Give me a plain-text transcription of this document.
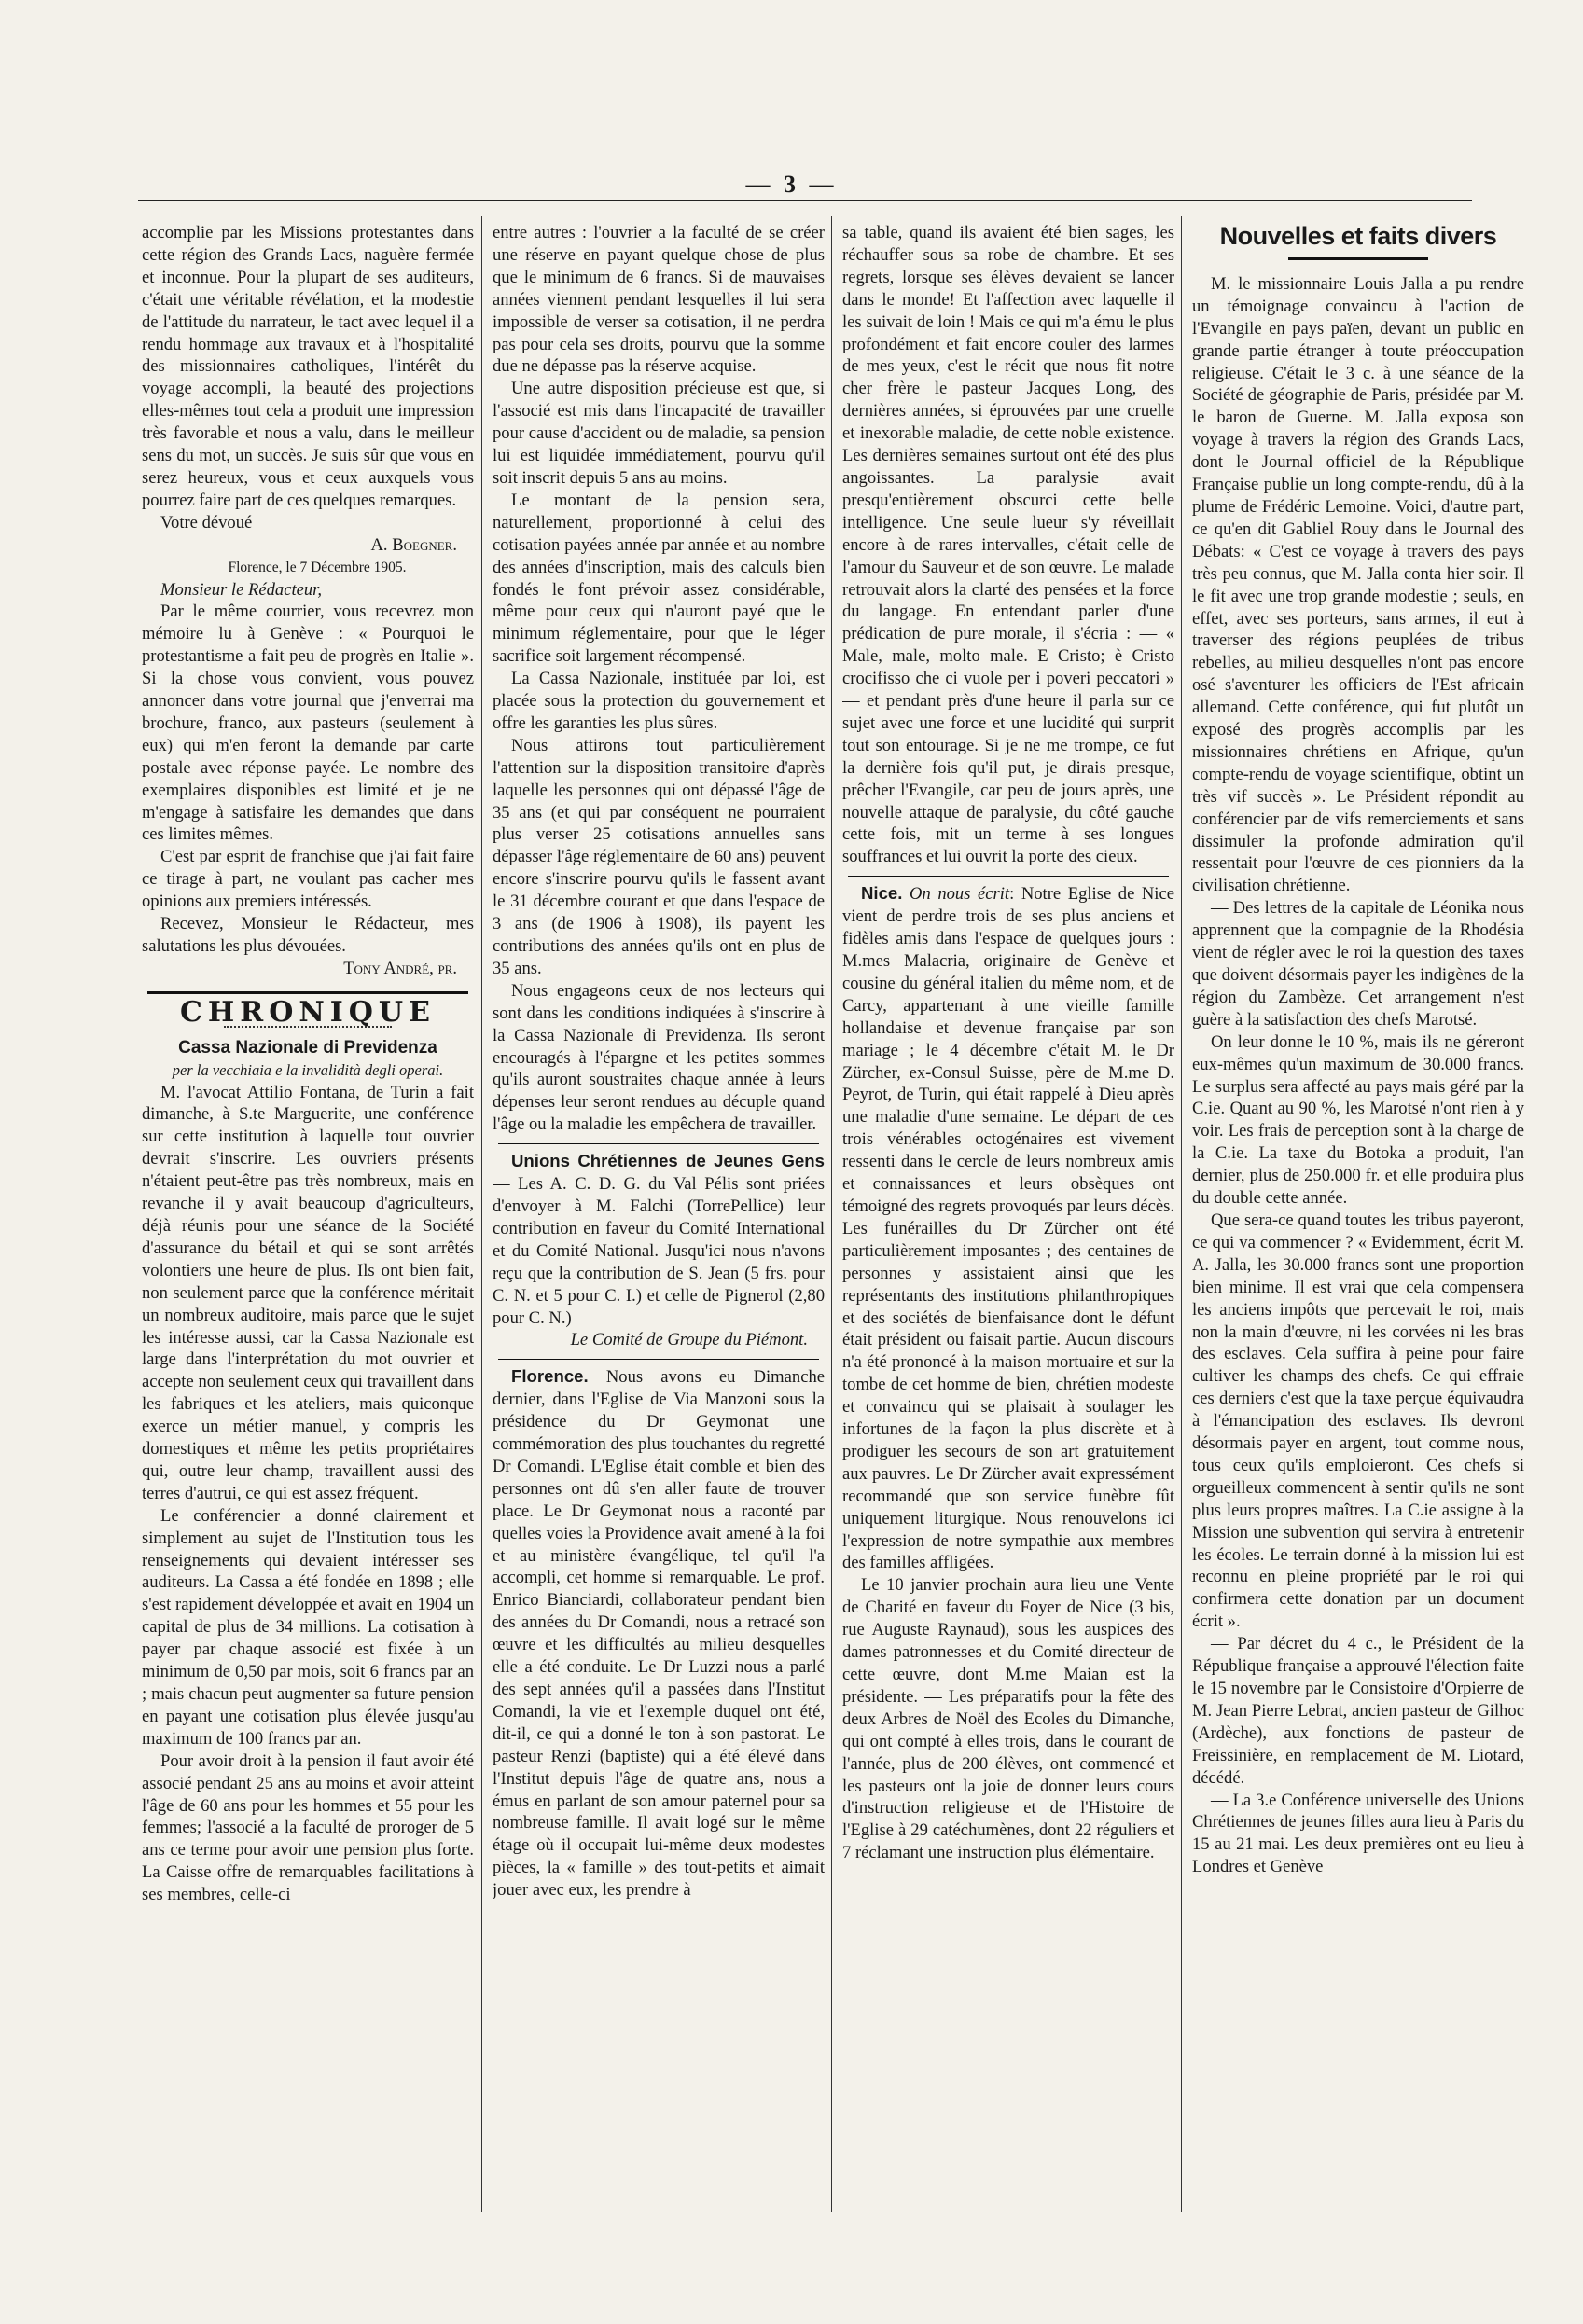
— 3 —

accomplie par les Missions protestantes dans cette région des Grands Lacs, naguère fermée et inconnue. Pour la plupart de ses auditeurs, c'était une véritable révélation, et la modestie de l'attitude du narrateur, le tact avec lequel il a rendu hommage aux travaux et à l'hospitalité des missionnaires catholiques, l'intérêt du voyage accompli, la beauté des projections elles-mêmes tout cela a produit une impression très favorable et nous a valu, dans le meilleur sens du mot, un succès. Je suis sûr que vous en serez heureux, vous et ceux auxquels vous pourrez faire part de ces quelques remarques.

Votre dévoué

A. Boegner.

Florence, le 7 Décembre 1905.

Monsieur le Rédacteur,

Par le même courrier, vous recevrez mon mémoire lu à Genève : « Pourquoi le protestantisme a fait peu de progrès en Italie ». Si la chose vous convient, vous pouvez annoncer dans votre journal que j'enverrai ma brochure, franco, aux pasteurs (seulement à eux) qui m'en feront la demande par carte postale avec réponse payée. Le nombre des exemplaires disponibles est limité et je ne m'engage à satisfaire les demandes que dans ces limites mêmes.

C'est par esprit de franchise que j'ai fait faire ce tirage à part, ne voulant pas cacher mes opinions aux premiers intéressés.

Recevez, Monsieur le Rédacteur, mes salutations les plus dévouées.

Tony André, pr.

CHRONIQUE
Cassa Nazionale di Previdenza
per la vecchiaia e la invalidità degli operai.

M. l'avocat Attilio Fontana, de Turin a fait dimanche, à S.te Marguerite, une conférence sur cette institution à laquelle tout ouvrier devrait s'inscrire. Les ouvriers présents n'étaient peut-être pas très nombreux, mais en revanche il y avait beaucoup d'agriculteurs, déjà réunis pour une séance de la Société d'assurance du bétail et qui se sont arrêtés volontiers une heure de plus. Ils ont bien fait, non seulement parce que la conférence méritait un nombreux auditoire, mais parce que le sujet les intéresse aussi, car la Cassa Nazionale est large dans l'interprétation du mot ouvrier et accepte non seulement ceux qui travaillent dans les fabriques et les ateliers, mais quiconque exerce un métier manuel, y compris les domestiques et même les petits propriétaires qui, outre leur champ, travaillent aussi des terres d'autrui, ce qui est assez fréquent.

Le conférencier a donné clairement et simplement au sujet de l'Institution tous les renseignements qui devaient intéresser ses auditeurs. La Cassa a été fondée en 1898 ; elle s'est rapidement développée et avait en 1904 un capital de plus de 34 millions. La cotisation à payer par chaque associé est fixée à un minimum de 0,50 par mois, soit 6 francs par an ; mais chacun peut augmenter sa future pension en payant une cotisation plus élevée jusqu'au maximum de 100 francs par an.

Pour avoir droit à la pension il faut avoir été associé pendant 25 ans au moins et avoir atteint l'âge de 60 ans pour les hommes et 55 pour les femmes; l'associé a la faculté de proroger de 5 ans ce terme pour avoir une pension plus forte. La Caisse offre de remarquables facilitations à ses membres, celle-ci

entre autres : l'ouvrier a la faculté de se créer une réserve en payant quelque chose de plus que le minimum de 6 francs. Si de mauvaises années viennent pendant lesquelles il lui sera impossible de verser sa cotisation, il ne perdra pas pour cela ses droits, pourvu que la somme due ne dépasse pas la réserve acquise.

Une autre disposition précieuse est que, si l'associé est mis dans l'incapacité de travailler pour cause d'accident ou de maladie, sa pension lui est liquidée immédiatement, pourvu qu'il soit inscrit depuis 5 ans au moins.

Le montant de la pension sera, naturellement, proportionné à celui des cotisation payées année par année et au nombre des années d'inscription, mais des calculs bien fondés le font prévoir assez considérable, même pour ceux qui n'auront payé que le minimum réglementaire, pour que le léger sacrifice soit largement récompensé.

La Cassa Nazionale, instituée par loi, est placée sous la protection du gouvernement et offre les garanties les plus sûres.

Nous attirons tout particulièrement l'attention sur la disposition transitoire d'après laquelle les personnes qui ont dépassé l'âge de 35 ans (et qui par conséquent ne pourraient plus verser 25 cotisations annuelles sans dépasser l'âge réglementaire de 60 ans) peuvent encore s'inscrire pourvu qu'ils le fassent avant le 31 décembre courant et que dans l'espace de 3 ans (de 1906 à 1908), ils payent les contributions des années qu'ils ont en plus de 35 ans.

Nous engageons ceux de nos lecteurs qui sont dans les conditions indiquées à s'inscrire à la Cassa Nazionale di Previdenza. Ils seront encouragés à l'épargne et les petites sommes qu'ils auront soustraites chaque année à leurs dépenses leur seront rendues au décuple quand l'âge ou la maladie les empêchera de travailler.

Unions Chrétiennes de Jeunes Gens — Les A. C. D. G. du Val Pélis sont priées d'envoyer à M. Falchi (TorrePellice) leur contribution en faveur du Comité International et du Comité National. Jusqu'ici nous n'avons reçu que la contribution de S. Jean (5 frs. pour C. N. et 5 pour C. I.) et celle de Pignerol (2,80 pour C. N.)

Le Comité de Groupe du Piémont.

Florence. Nous avons eu Dimanche dernier, dans l'Eglise de Via Manzoni sous la présidence du Dr Geymonat une commémoration des plus touchantes du regretté Dr Comandi. L'Eglise était comble et bien des personnes ont dû s'en aller faute de trouver place. Le Dr Geymonat nous a raconté par quelles voies la Providence avait amené à la foi et au ministère évangélique, tel qu'il l'a accompli, cet homme si remarquable. Le prof. Enrico Bianciardi, collaborateur pendant bien des années du Dr Comandi, nous a retracé son œuvre et les difficultés au milieu desquelles elle a été conduite. Le Dr Luzzi nous a parlé des sept années qu'il a passées dans l'Institut Comandi, la vie et l'exemple duquel ont été, dit-il, ce qui a donné le ton à son pastorat. Le pasteur Renzi (baptiste) qui a été élevé dans l'Institut depuis l'âge de quatre ans, nous a émus en parlant de son amour paternel pour sa nombreuse famille. Il avait logé sur le même étage où il occupait lui-même deux modestes pièces, la « famille » des tout-petits et aimait jouer avec eux, les prendre à

sa table, quand ils avaient été bien sages, les réchauffer sous sa robe de chambre. Et ses regrets, lorsque ses élèves devaient se lancer dans le monde! Et l'affection avec laquelle il les suivait de loin ! Mais ce qui m'a ému le plus profondément et fait encore couler des larmes de mes yeux, c'est le récit que nous fit notre cher frère le pasteur Jacques Long, des dernières années, si éprouvées par une cruelle et inexorable maladie, de cette noble existence. Les dernières semaines surtout ont été des plus angoissantes. La paralysie avait presqu'entièrement obscurci cette belle intelligence. Une seule lueur s'y réveillait encore à de rares intervalles, c'était celle de l'amour du Sauveur et de son œuvre. Le malade retrouvait alors la clarté des pensées et la force du langage. En entendant parler d'une prédication de pure morale, il s'écria : — « Male, male, molto male. E Cristo; è Cristo crocifisso che ci vuole per i poveri peccatori » — et pendant près d'une heure il parla sur ce sujet avec une force et une lucidité qui surprit tout son entourage. Si je ne me trompe, ce fut la dernière fois qu'il put, je dirais presque, prêcher l'Evangile, car peu de jours après, une nouvelle attaque de paralysie, du côté gauche cette fois, mit un terme à ses longues souffrances et lui ouvrit la porte des cieux.

Nice. On nous écrit: Notre Eglise de Nice vient de perdre trois de ses plus anciens et fidèles amis dans l'espace de quelques jours : M.mes Malacria, originaire de Genève et cousine du général italien du même nom, et de Carcy, appartenant à une vieille famille hollandaise et devenue française par son mariage ; le 4 décembre c'était M. le Dr Zürcher, ex-Consul Suisse, père de M.me D. Peyrot, de Turin, qui était rappelé à Dieu après une maladie d'une semaine. Le départ de ces trois vénérables octogénaires est vivement ressenti dans le cercle de leurs nombreux amis et connaissances et leurs obsèques ont témoigné des regrets provoqués par leurs décès. Les funérailles du Dr Zürcher ont été particulièrement imposantes ; des centaines de personnes y assistaient ainsi que les représentants des institutions philanthropiques et des sociétés de bienfaisance dont le défunt était président ou faisait partie. Aucun discours n'a été prononcé à la maison mortuaire et sur la tombe de cet homme de bien, chrétien modeste et convaincu qui se plaisait à soulager les infortunes de la façon la plus discrète et à prodiguer les secours de son art gratuitement aux pauvres. Le Dr Zürcher avait expressément recommandé que son service funèbre fût uniquement liturgique. Nous renouvelons ici l'expression de notre sympathie aux membres des familles affligées.

Le 10 janvier prochain aura lieu une Vente de Charité en faveur du Foyer de Nice (3 bis, rue Auguste Raynaud), sous les auspices des dames patronnesses et du Comité directeur de cette œuvre, dont M.me Maian est la présidente. — Les préparatifs pour la fête des deux Arbres de Noël des Ecoles du Dimanche, qui ont compté à elles trois, dans le courant de l'année, plus de 200 élèves, ont commencé et les pasteurs ont la joie de donner leurs cours d'instruction religieuse et de l'Histoire de l'Eglise à 29 catéchumènes, dont 22 réguliers et 7 réclamant une instruction plus élémentaire.

Nouvelles et faits divers

M. le missionnaire Louis Jalla a pu rendre un témoignage convaincu à l'action de l'Evangile en pays païen, devant un public en grande partie étranger à toute préoccupation religieuse. C'était le 3 c. à une séance de la Société de géographie de Paris, présidée par M. le baron de Guerne. M. Jalla exposa son voyage à travers la région des Grands Lacs, dont le Journal officiel de la République Française publie un long compte-rendu, dû à la plume de Frédéric Lemoine. Voici, d'autre part, ce qu'en dit Gabliel Rouy dans le Journal des Débats: « C'est ce voyage à travers des pays très peu connus, que M. Jalla conta hier soir. Il le fit avec une trop grande modestie ; seuls, en effet, avec ses porteurs, sans armes, il eut à traverser des régions peuplées de tribus rebelles, au milieu desquelles n'ont pas encore osé s'aventurer les officiers de l'Est africain allemand. Cette conférence, qui fut plutôt un exposé des progrès accomplis par les missionnaires chrétiens en Afrique, qu'un compte-rendu de voyage scientifique, obtint un très vif succès ». Le Président répondit au conférencier par de vifs remerciements et sans dissimuler la profonde admiration qu'il ressentait pour l'œuvre de ces pionniers da la civilisation chrétienne.

— Des lettres de la capitale de Léonika nous apprennent que la compagnie de la Rhodésia vient de régler avec le roi la question des taxes que doivent désormais payer les indigènes de la région du Zambèze. Cet arrangement n'est guère à la satisfaction des chefs Marotsé.

On leur donne le 10 %, mais ils ne géreront eux-mêmes qu'un maximum de 30.000 francs. Le surplus sera affecté au pays mais géré par la C.ie. Quant au 90 %, les Marotsé n'ont rien à y voir. Les frais de perception sont à la charge de la C.ie. La taxe du Botoka a produit, l'an dernier, plus de 250.000 fr. et elle produira plus du double cette année.

Que sera-ce quand toutes les tribus payeront, ce qui va commencer ? « Evidemment, écrit M. A. Jalla, les 30.000 francs sont une proportion bien minime. Il est vrai que cela compensera les anciens impôts que percevait le roi, mais non la main d'œuvre, ni les corvées ni les bras des esclaves. Cela suffira à peine pour faire cultiver les champs des chefs. Ce qui effraie ces derniers c'est que la taxe perçue équivaudra à l'émancipation des esclaves. Ils devront désormais payer en argent, tout comme nous, tous ceux qu'ils emploieront. Ces chefs si orgueilleux commencent à sentir qu'ils ne sont plus leurs propres maîtres. La C.ie assigne à la Mission une subvention qui servira à entretenir les écoles. Le terrain donné à la mission lui est reconnu en pleine propriété par le roi qui confirmera cette donation par un document écrit ».

— Par décret du 4 c., le Président de la République française a approuvé l'élection faite le 15 novembre par le Consistoire d'Orpierre de M. Jean Pierre Lebrat, ancien pasteur de Gilhoc (Ardèche), aux fonctions de pasteur de Freissinière, en remplacement de M. Liotard, décédé.

— La 3.e Conférence universelle des Unions Chrétiennes de jeunes filles aura lieu à Paris du 15 au 21 mai. Les deux premières ont eu lieu à Londres et Genève
